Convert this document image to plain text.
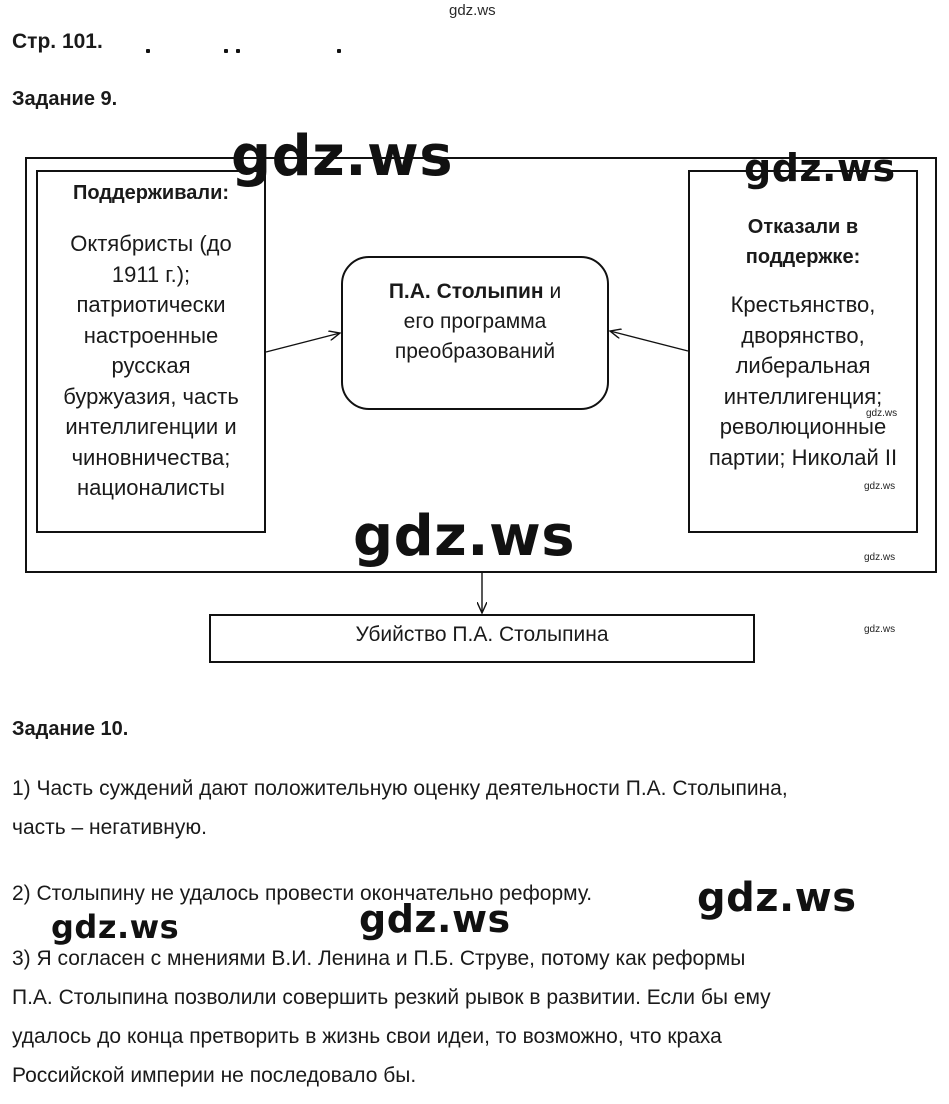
gdz.ws
Стр. 101.
Задание 9.
Поддерживали:
Октябристы (до
1911 г.);
патриотически
настроенные
русская
буржуазия, часть
интеллигенции и
чиновничества;
националисты
П.А. Столыпин и
его программа
преобразований
Отказали в
поддержке:
Крестьянство,
дворянство,
либеральная
интеллигенция;
революционные
партии; Николай II
Убийство П.А. Столыпина
Задание 10.
1) Часть суждений дают положительную оценку деятельности П.А. Столыпина,
часть – негативную.
2) Столыпину не удалось провести окончательно реформу.
3) Я согласен с мнениями В.И. Ленина и П.Б. Струве, потому как реформы
П.А. Столыпина позволили совершить резкий рывок в развитии. Если бы ему
удалось до конца претворить в жизнь свои идеи, то возможно, что краха
Российской империи не последовало бы.
gdz.ws	gdz.ws
gdz.ws
gdz.ws
gdz.ws	gdz.ws
gdz.ws
gdz.ws
gdz.ws
gdz.ws
